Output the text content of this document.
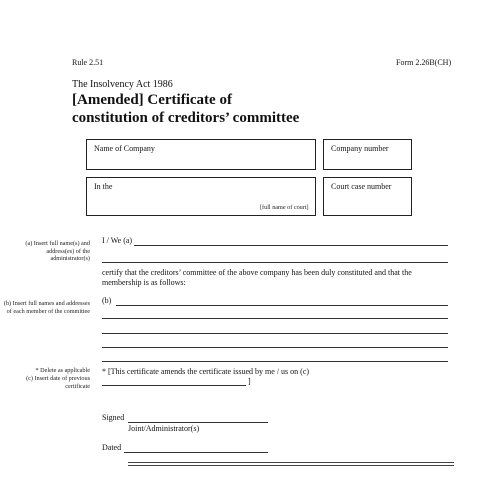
Rule 2.51	Form 2.26B(CH)
The Insolvency Act 1986
[Amended] Certificate of
constitution of creditors’ committee
Name of Company	Company number
In the
[full name of court]
Court case number
(a) Insert full name(s) and address(es) of the administrator(s)
(b) Insert full names and addresses of each member of the committee
* Delete as applicable
(c) Insert date of previous certificate
I / We (a)
certify that the creditors’ committee of the above company has been duly constituted and that the membership is as follows:
(b)
* [This certificate amends the certificate issued by me / us on (c)
]
Signed
Joint/Administrator(s)
Dated
